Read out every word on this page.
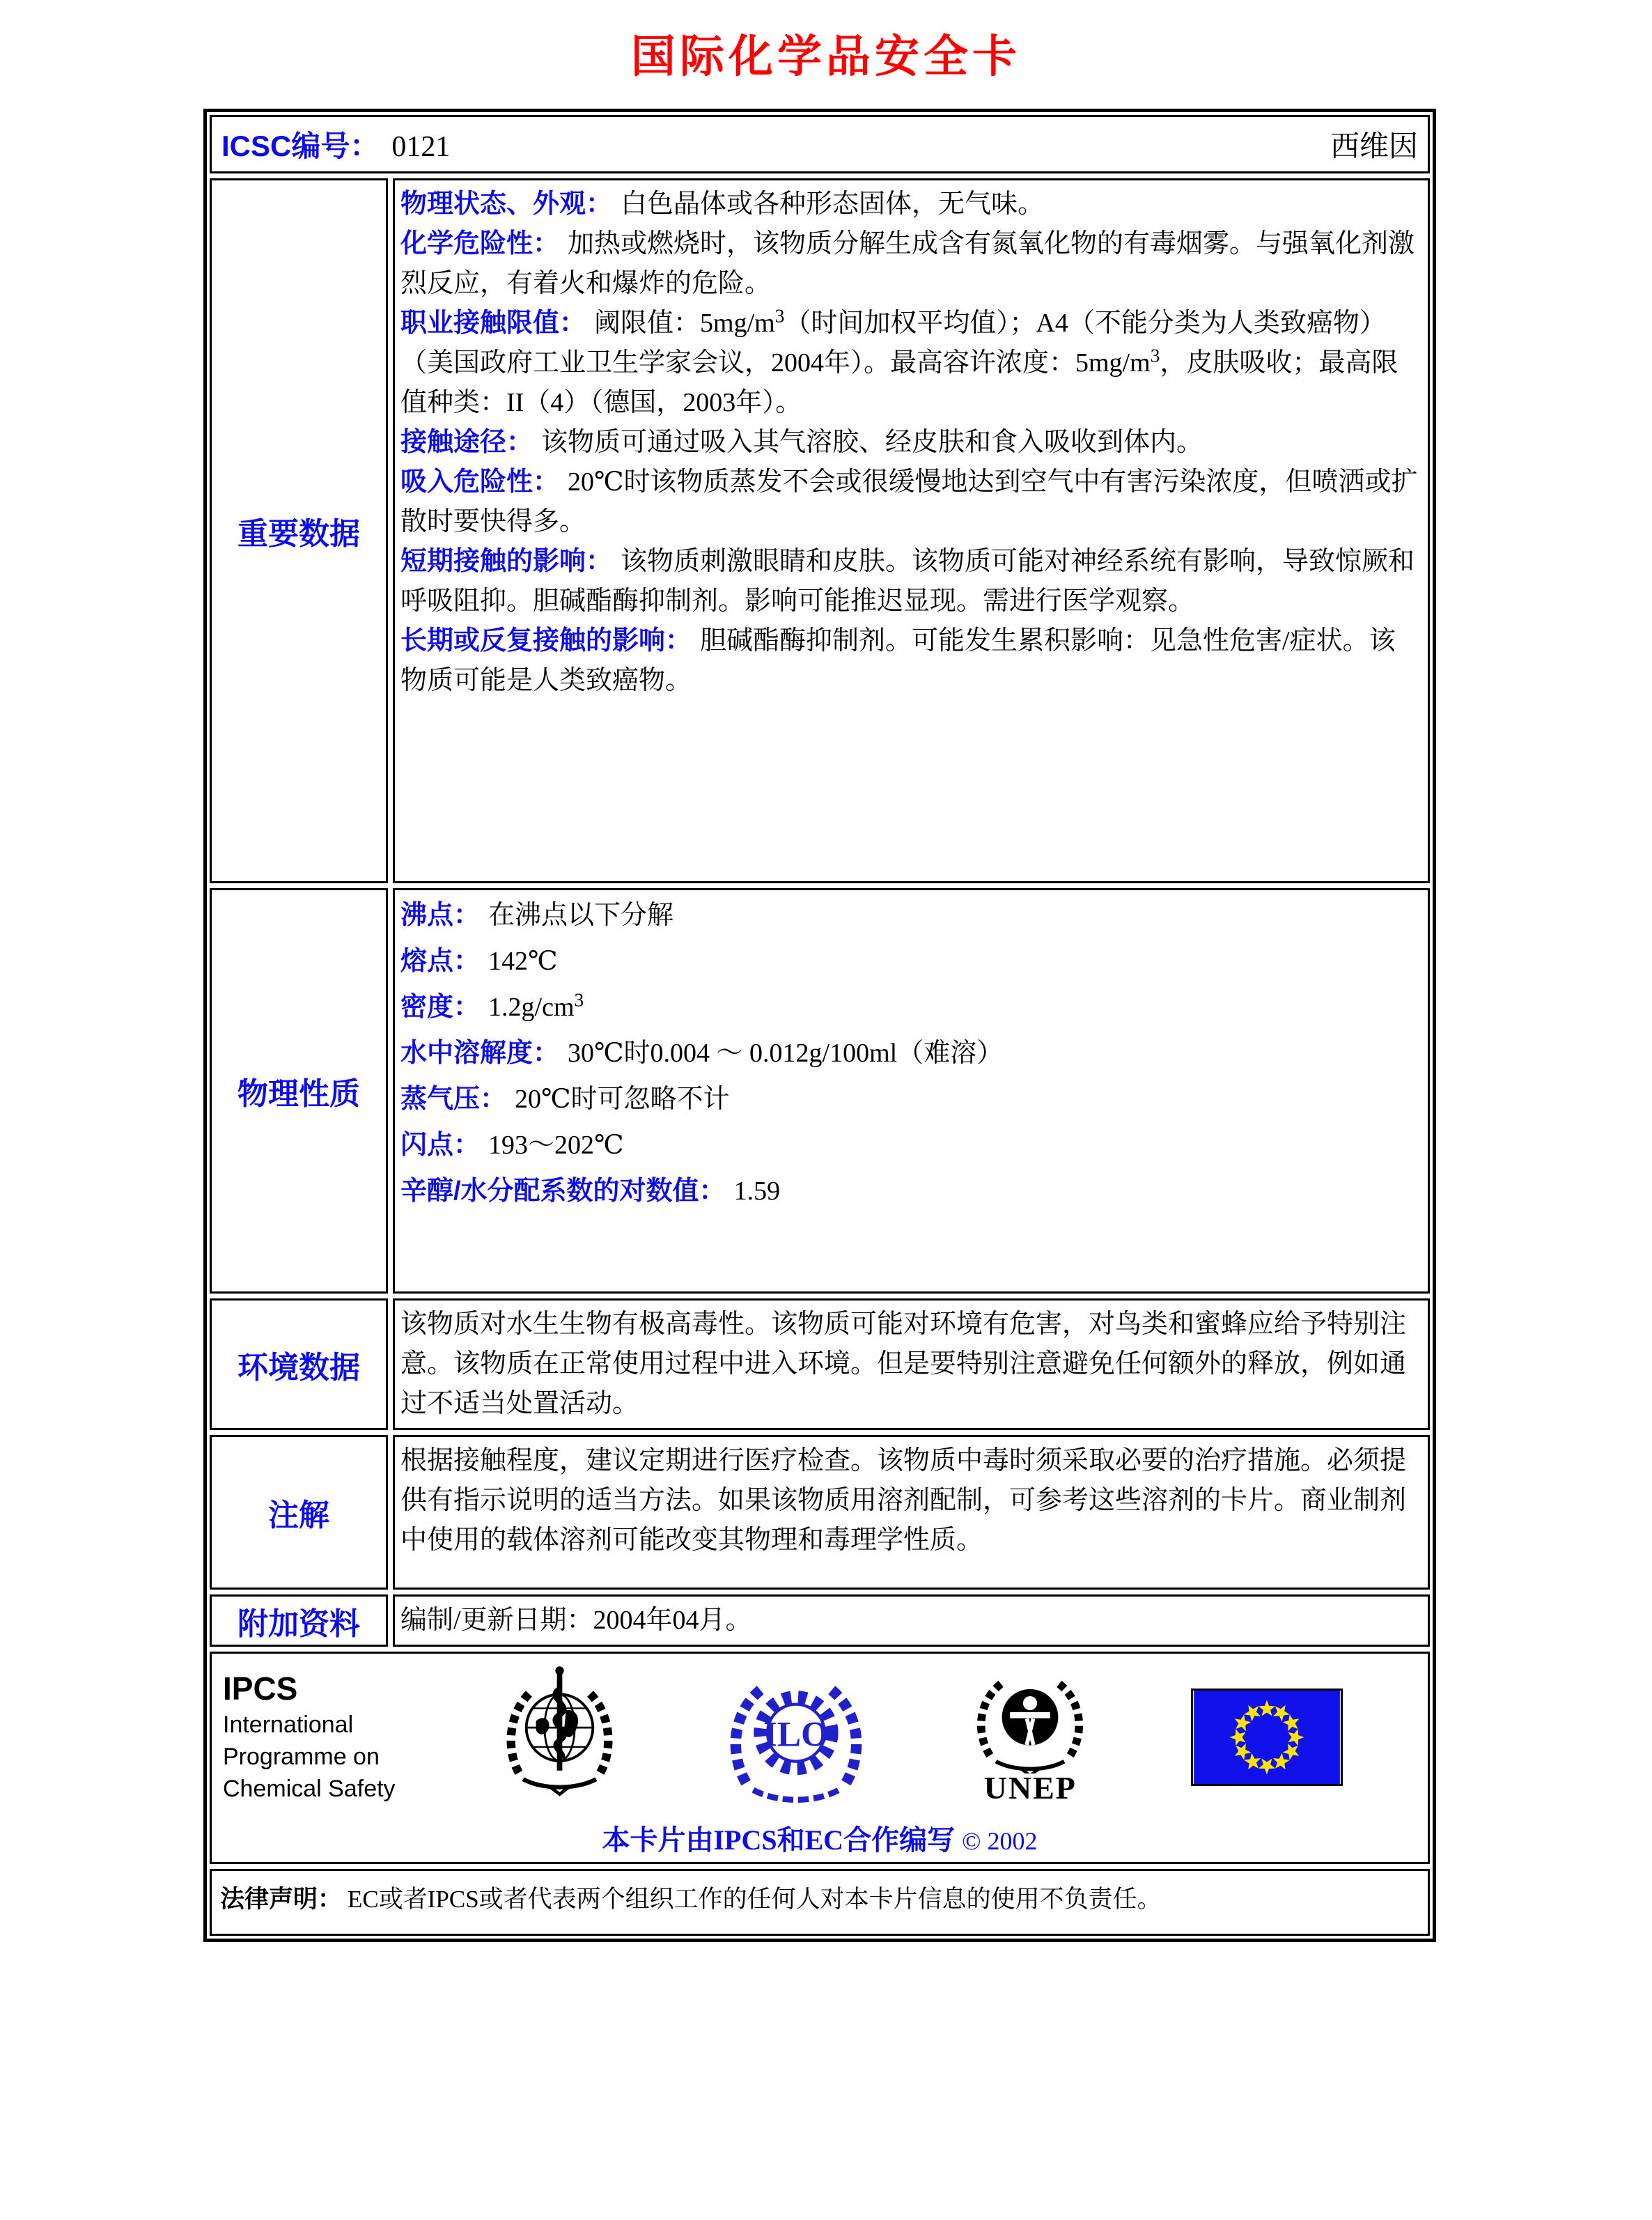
国际化学品安全卡
ICSC编号： 0121	西维因
重要数据

物理状态、外观： 白色晶体或各种形态固体，无气味。

化学危险性： 加热或燃烧时，该物质分解生成含有氮氧化物的有毒烟雾。与强氧化剂激烈反应，有着火和爆炸的危险。

职业接触限值： 阈限值：$5mg/m^3$（时间加权平均值）；A4（不能分类为人类致癌物）（美国政府工业卫生学家会议，2004年）。最高容许浓度：$5mg/m^3$，皮肤吸收；最高限值种类：II（4）（德国，2003年）。

接触途径： 该物质可通过吸入其气溶胶、经皮肤和食入吸收到体内。

吸入危险性： 20℃时该物质蒸发不会或很缓慢地达到空气中有害污染浓度，但喷洒或扩散时要快得多。

短期接触的影响： 该物质刺激眼睛和皮肤。该物质可能对神经系统有影响，导致惊厥和呼吸阻抑。胆碱酯酶抑制剂。影响可能推迟显现。需进行医学观察。

长期或反复接触的影响： 胆碱酯酶抑制剂。可能发生累积影响：见急性危害/症状。该物质可能是人类致癌物。

物理性质

沸点： 在沸点以下分解

熔点： 142℃

密度： $1.2g/cm^3$

水中溶解度： 30℃时0.004 ～ 0.012g/100ml（难溶）

蒸气压： 20℃时可忽略不计

闪点： 193～202℃

辛醇/水分配系数的对数值： 1.59

环境数据

该物质对水生生物有极高毒性。该物质可能对环境有危害，对鸟类和蜜蜂应给予特别注意。该物质在正常使用过程中进入环境。但是要特别注意避免任何额外的释放，例如通过不适当处置活动。

注解

根据接触程度，建议定期进行医疗检查。该物质中毒时须采取必要的治疗措施。必须提供有指示说明的适当方法。如果该物质用溶剂配制，可参考这些溶剂的卡片。商业制剂中使用的载体溶剂可能改变其物理和毒理学性质。

附加资料 编制/更新日期：2004年04月。

IPCS
International
Programme on
Chemical Safety
ILO
UNEP
本卡片由IPCS和EC合作编写 © 2002
法律声明： EC或者IPCS或者代表两个组织工作的任何人对本卡片信息的使用不负责任。
